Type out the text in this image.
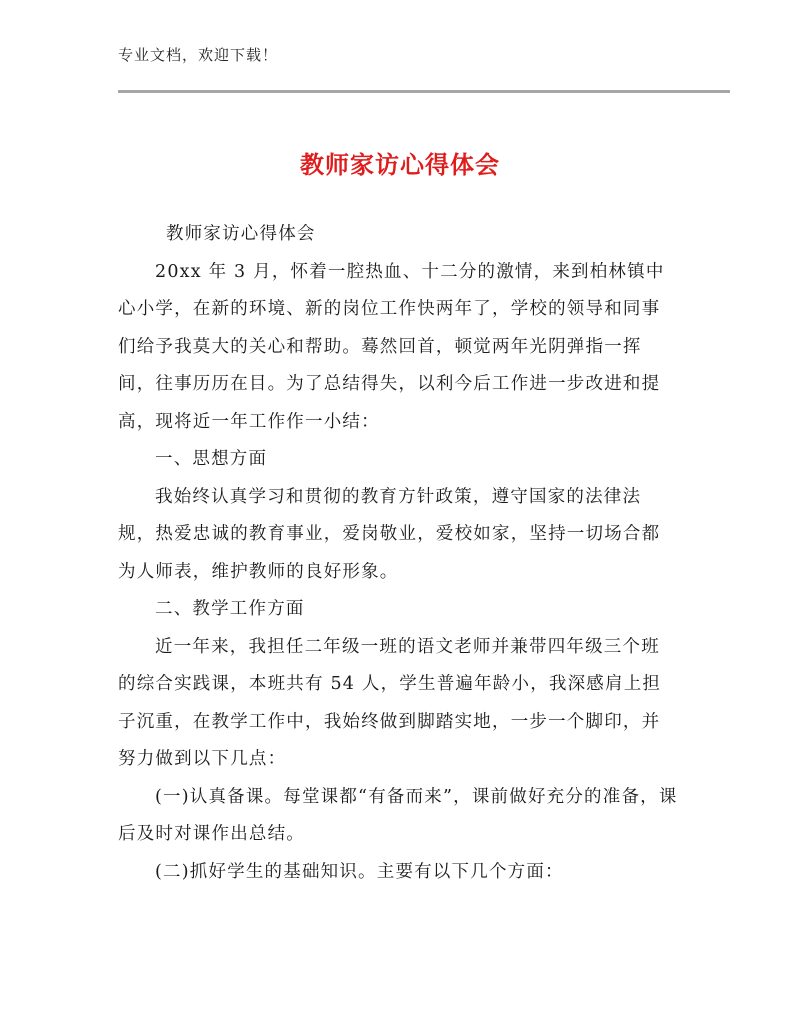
专业文档，欢迎下载！
教师家访心得体会

教师家访心得体会

20xx 年 3 月，怀着一腔热血、十二分的激情，来到柏林镇中心小学，在新的环境、新的岗位工作快两年了，学校的领导和同事们给予我莫大的关心和帮助。蓦然回首，顿觉两年光阴弹指一挥间，往事历历在目。为了总结得失，以利今后工作进一步改进和提高，现将近一年工作作一小结：

一、思想方面

我始终认真学习和贯彻的教育方针政策，遵守国家的法律法规，热爱忠诚的教育事业，爱岗敬业，爱校如家，坚持一切场合都为人师表，维护教师的良好形象。

二、教学工作方面

近一年来，我担任二年级一班的语文老师并兼带四年级三个班的综合实践课，本班共有 54 人，学生普遍年龄小，我深感肩上担子沉重，在教学工作中，我始终做到脚踏实地，一步一个脚印，并努力做到以下几点：

(一)认真备课。每堂课都“有备而来”，课前做好充分的准备，课后及时对课作出总结。

(二)抓好学生的基础知识。主要有以下几个方面：
